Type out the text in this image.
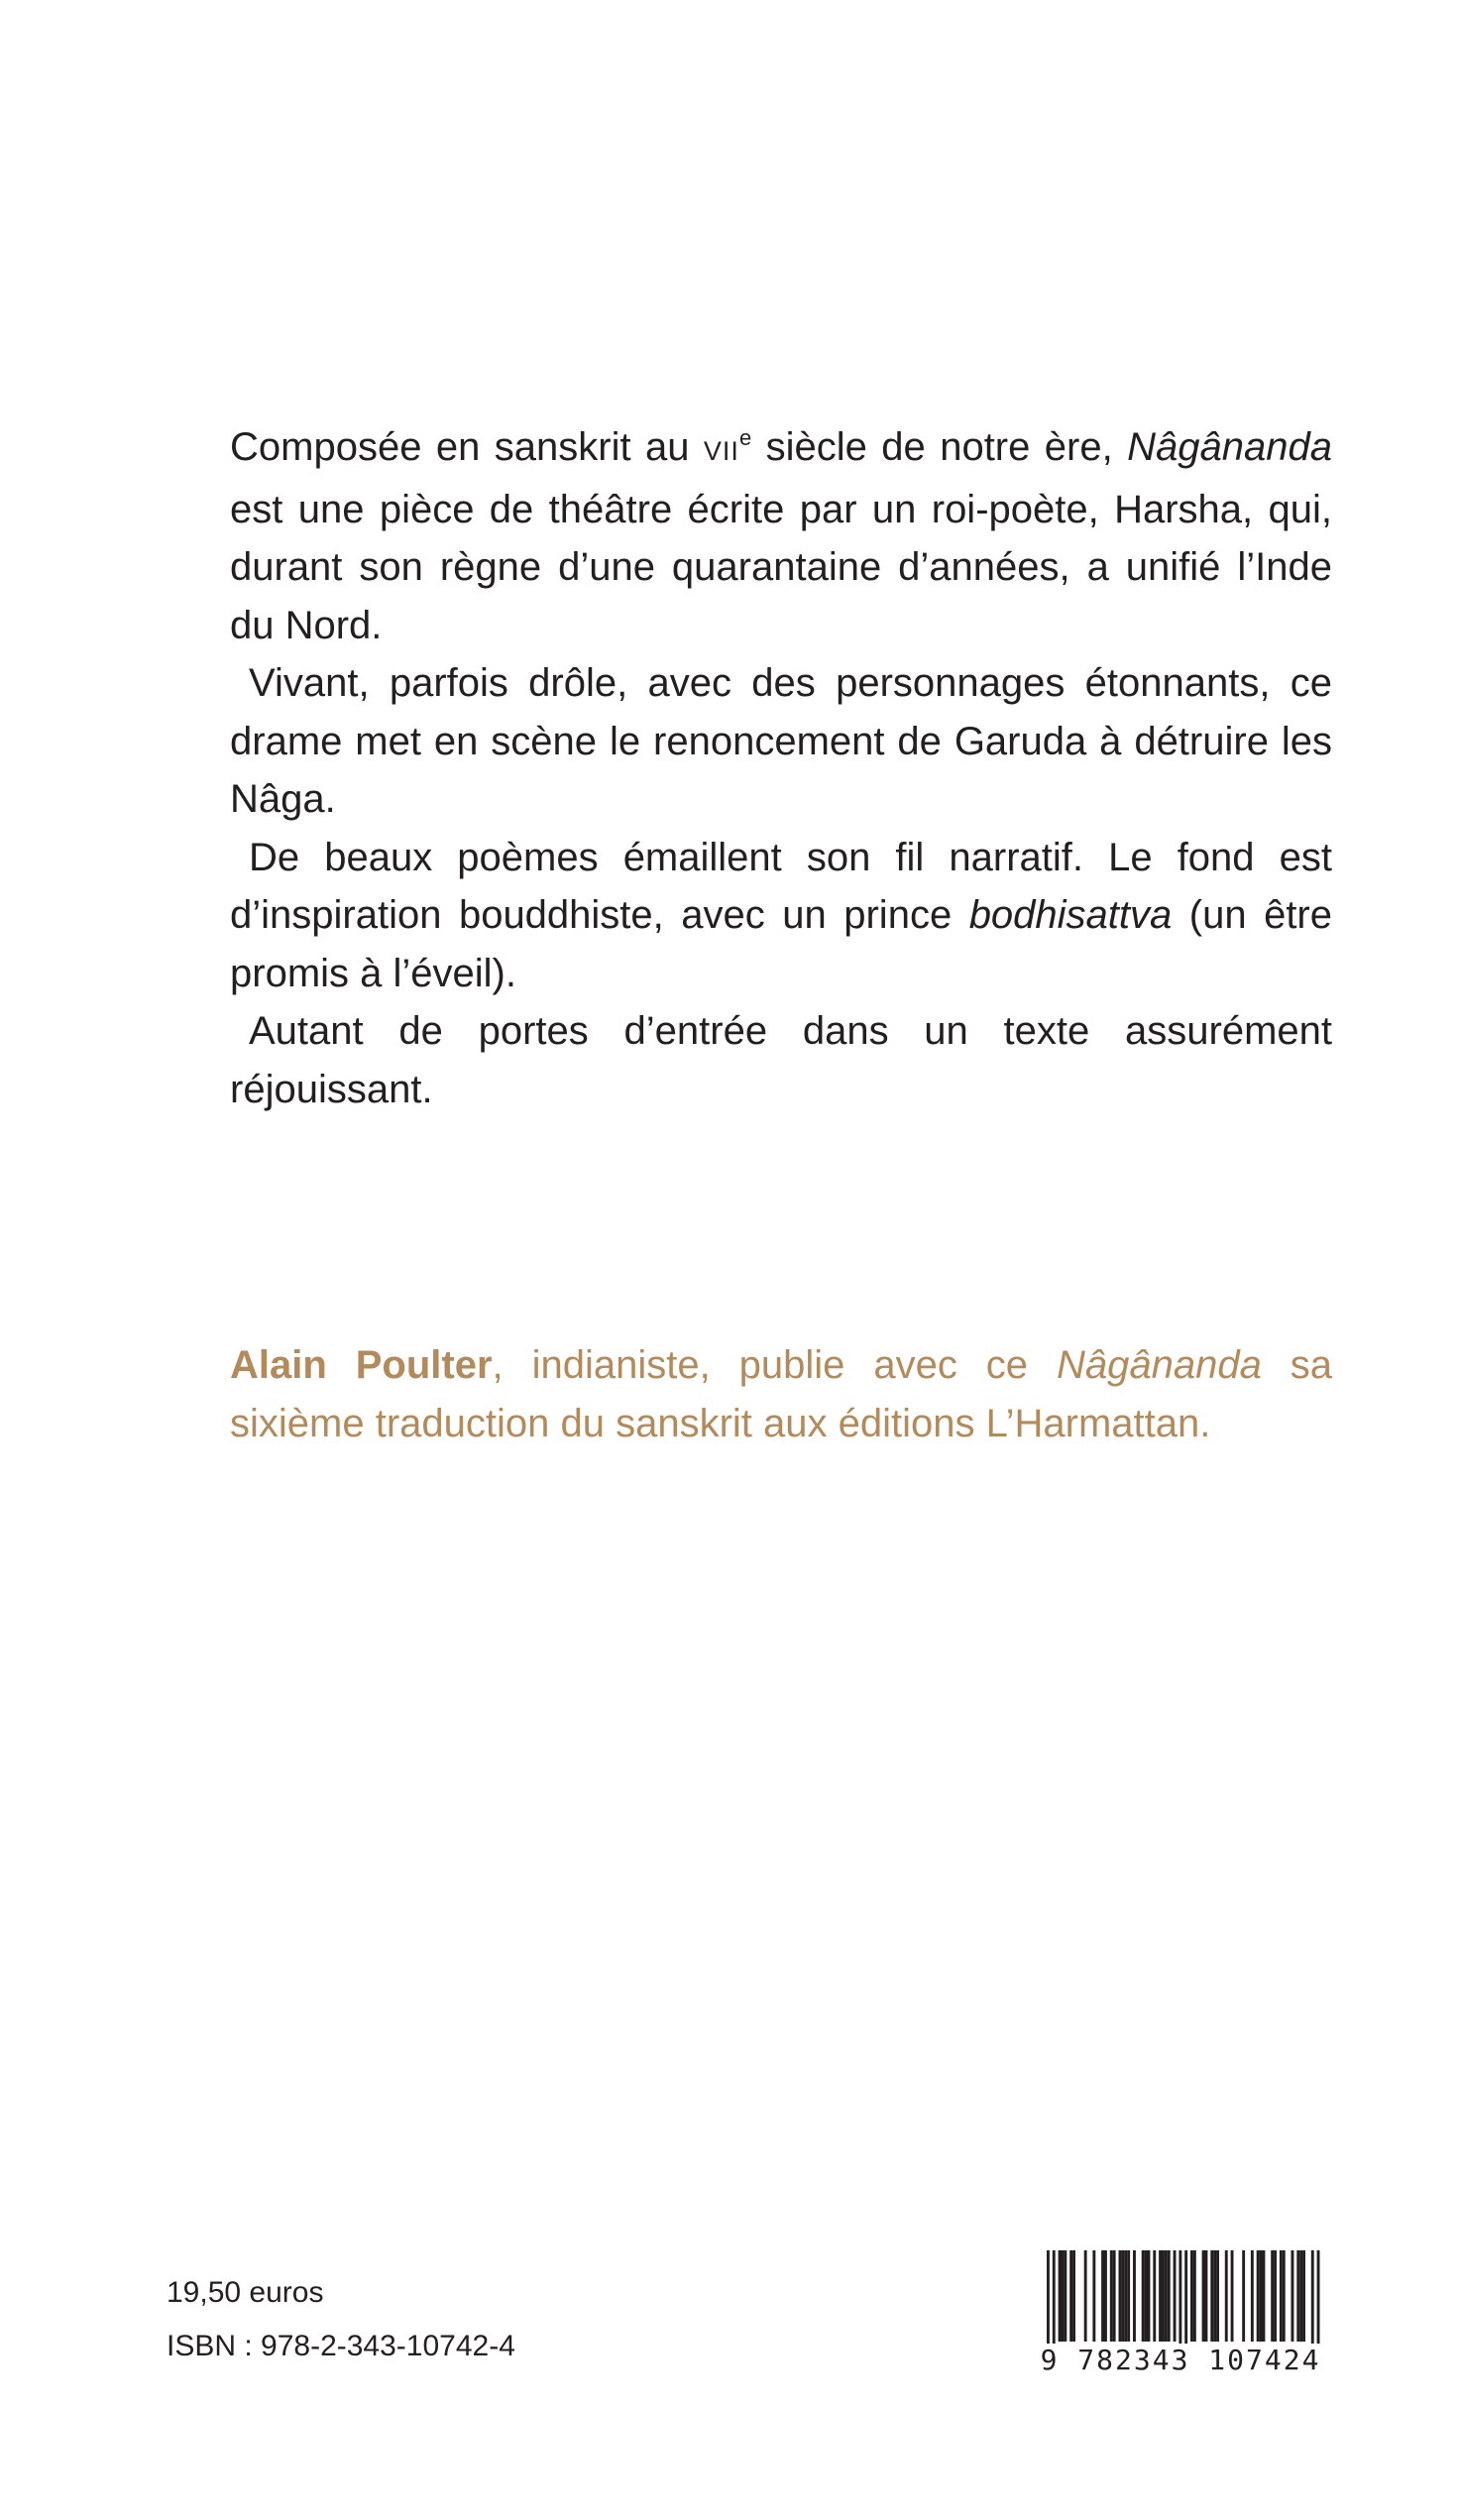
Composée en sanskrit au VIIe siècle de notre ère, Nâgânanda est une pièce de théâtre écrite par un roi-poète, Harsha, qui, durant son règne d’une quarantaine d’années, a unifié l’Inde du Nord.

Vivant, parfois drôle, avec des personnages étonnants, ce drame met en scène le renoncement de Garuda à détruire les Nâga.

De beaux poèmes émaillent son fil narratif. Le fond est d’inspiration bouddhiste, avec un prince bodhisattva (un être promis à l’éveil).

Autant de portes d’entrée dans un texte assurément réjouissant.

Alain Poulter, indianiste, publie avec ce Nâgânanda sa sixième traduction du sanskrit aux éditions L’Harmattan.

19,50 euros

ISBN : 978-2-343-10742-4	9 782343 107424
